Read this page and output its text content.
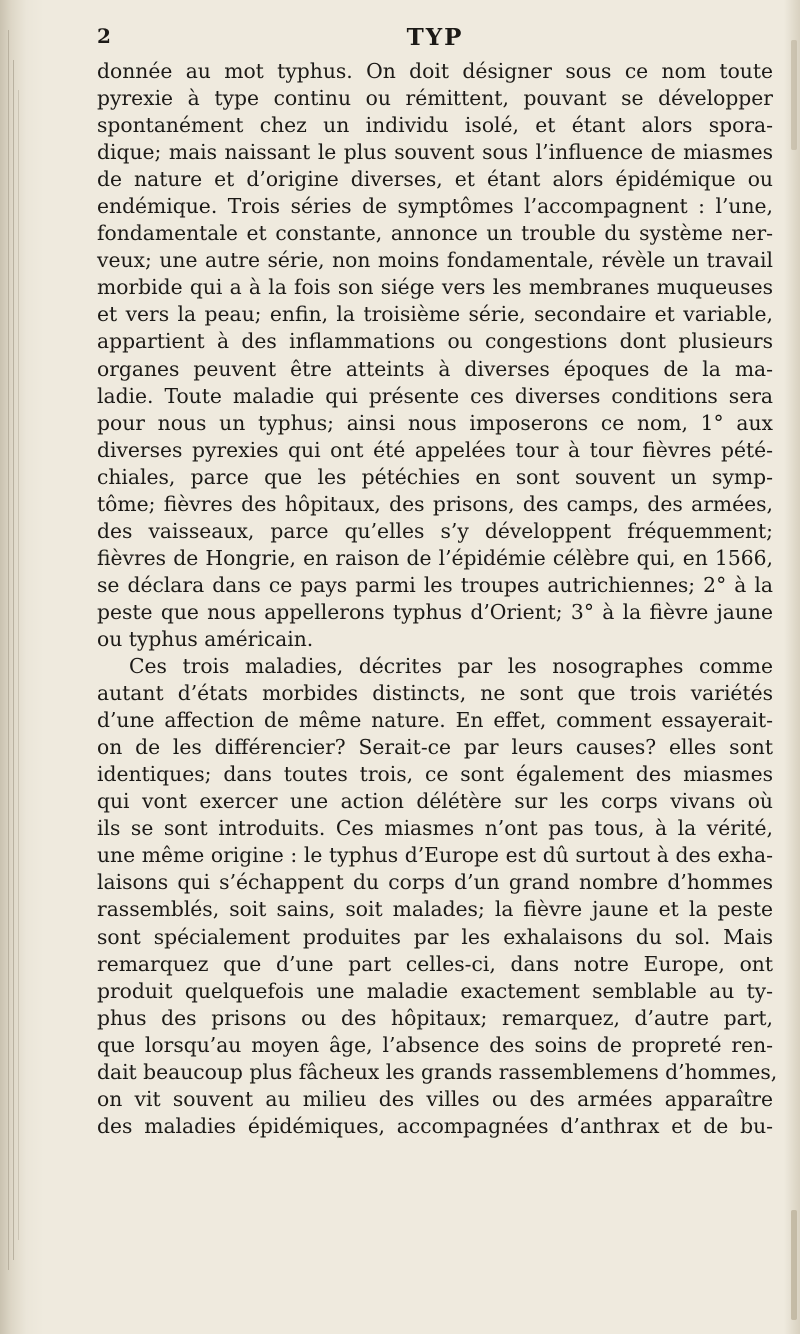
2	TYP
donnée au mot typhus. On doit désigner sous ce nom toute
pyrexie à type continu ou rémittent, pouvant se développer
spontanément chez un individu isolé, et étant alors spora-
dique; mais naissant le plus souvent sous l’influence de miasmes
de nature et d’origine diverses, et étant alors épidémique ou
endémique. Trois séries de symptômes l’accompagnent : l’une,
fondamentale et constante, annonce un trouble du système ner-
veux; une autre série, non moins fondamentale, révèle un travail
morbide qui a à la fois son siége vers les membranes muqueuses
et vers la peau; enfin, la troisième série, secondaire et variable,
appartient à des inflammations ou congestions dont plusieurs
organes peuvent être atteints à diverses époques de la ma-
ladie. Toute maladie qui présente ces diverses conditions sera
pour nous un typhus; ainsi nous imposerons ce nom, 1° aux
diverses pyrexies qui ont été appelées tour à tour fièvres pété-
chiales, parce que les pétéchies en sont souvent un symp-
tôme; fièvres des hôpitaux, des prisons, des camps, des armées,
des vaisseaux, parce qu’elles s’y développent fréquemment;
fièvres de Hongrie, en raison de l’épidémie célèbre qui, en 1566,
se déclara dans ce pays parmi les troupes autrichiennes; 2° à la
peste que nous appellerons typhus d’Orient; 3° à la fièvre jaune
ou typhus américain.
Ces trois maladies, décrites par les nosographes comme
autant d’états morbides distincts, ne sont que trois variétés
d’une affection de même nature. En effet, comment essayerait-
on de les différencier? Serait-ce par leurs causes? elles sont
identiques; dans toutes trois, ce sont également des miasmes
qui vont exercer une action délétère sur les corps vivans où
ils se sont introduits. Ces miasmes n’ont pas tous, à la vérité,
une même origine : le typhus d’Europe est dû surtout à des exha-
laisons qui s’échappent du corps d’un grand nombre d’hommes
rassemblés, soit sains, soit malades; la fièvre jaune et la peste
sont spécialement produites par les exhalaisons du sol. Mais
remarquez que d’une part celles-ci, dans notre Europe, ont
produit quelquefois une maladie exactement semblable au ty-
phus des prisons ou des hôpitaux; remarquez, d’autre part,
que lorsqu’au moyen âge, l’absence des soins de propreté ren-
dait beaucoup plus fâcheux les grands rassemblemens d’hommes,
on vit souvent au milieu des villes ou des armées apparaître
des maladies épidémiques, accompagnées d’anthrax et de bu-
